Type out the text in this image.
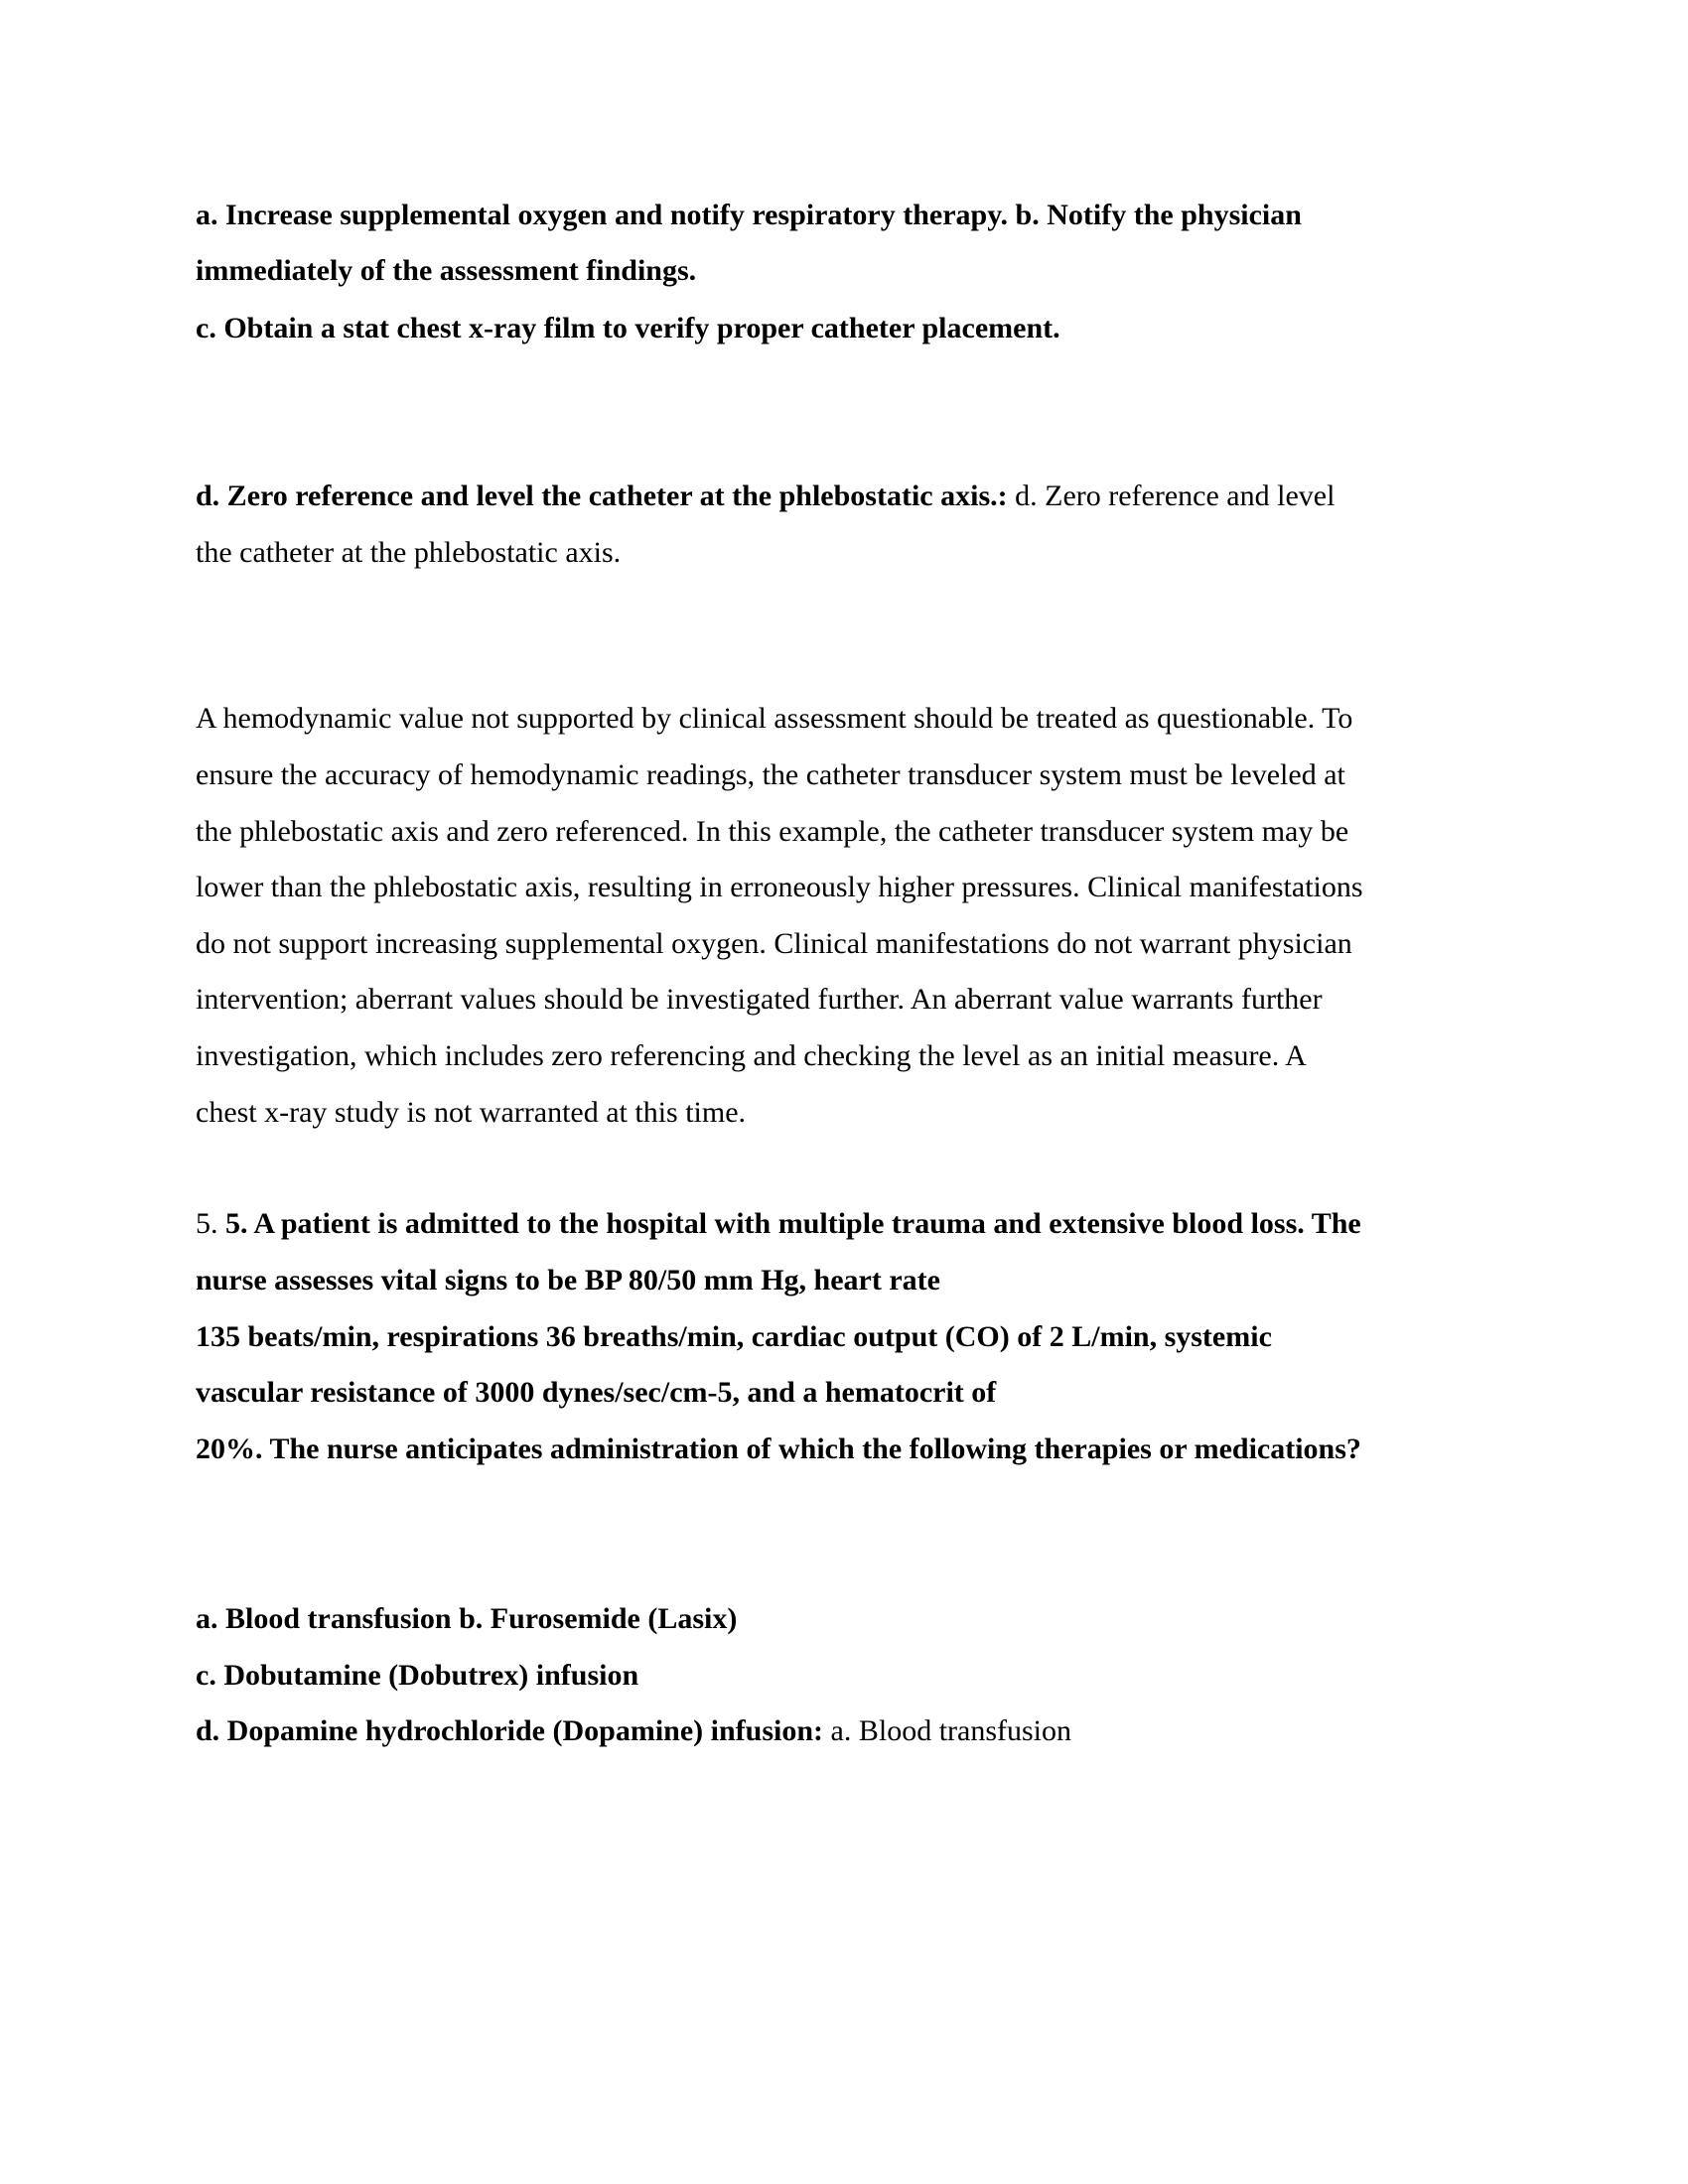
a. Increase supplemental oxygen and notify respiratory therapy. b. Notify the physician
immediately of the assessment findings.
c. Obtain a stat chest x-ray film to verify proper catheter placement.
d. Zero reference and level the catheter at the phlebostatic axis.: d. Zero reference and level
the catheter at the phlebostatic axis.
A hemodynamic value not supported by clinical assessment should be treated as questionable. To
ensure the accuracy of hemodynamic readings, the catheter transducer system must be leveled at
the phlebostatic axis and zero referenced. In this example, the catheter transducer system may be
lower than the phlebostatic axis, resulting in erroneously higher pressures. Clinical manifestations
do not support increasing supplemental oxygen. Clinical manifestations do not warrant physician
intervention; aberrant values should be investigated further. An aberrant value warrants further
investigation, which includes zero referencing and checking the level as an initial measure. A
chest x-ray study is not warranted at this time.
5. 5. A patient is admitted to the hospital with multiple trauma and extensive blood loss. The
nurse assesses vital signs to be BP 80/50 mm Hg, heart rate
135 beats/min, respirations 36 breaths/min, cardiac output (CO) of 2 L/min, systemic
vascular resistance of 3000 dynes/sec/cm-5, and a hematocrit of
20%. The nurse anticipates administration of which the following therapies or medications?
a. Blood transfusion b. Furosemide (Lasix)
c. Dobutamine (Dobutrex) infusion
d. Dopamine hydrochloride (Dopamine) infusion: a. Blood transfusion
